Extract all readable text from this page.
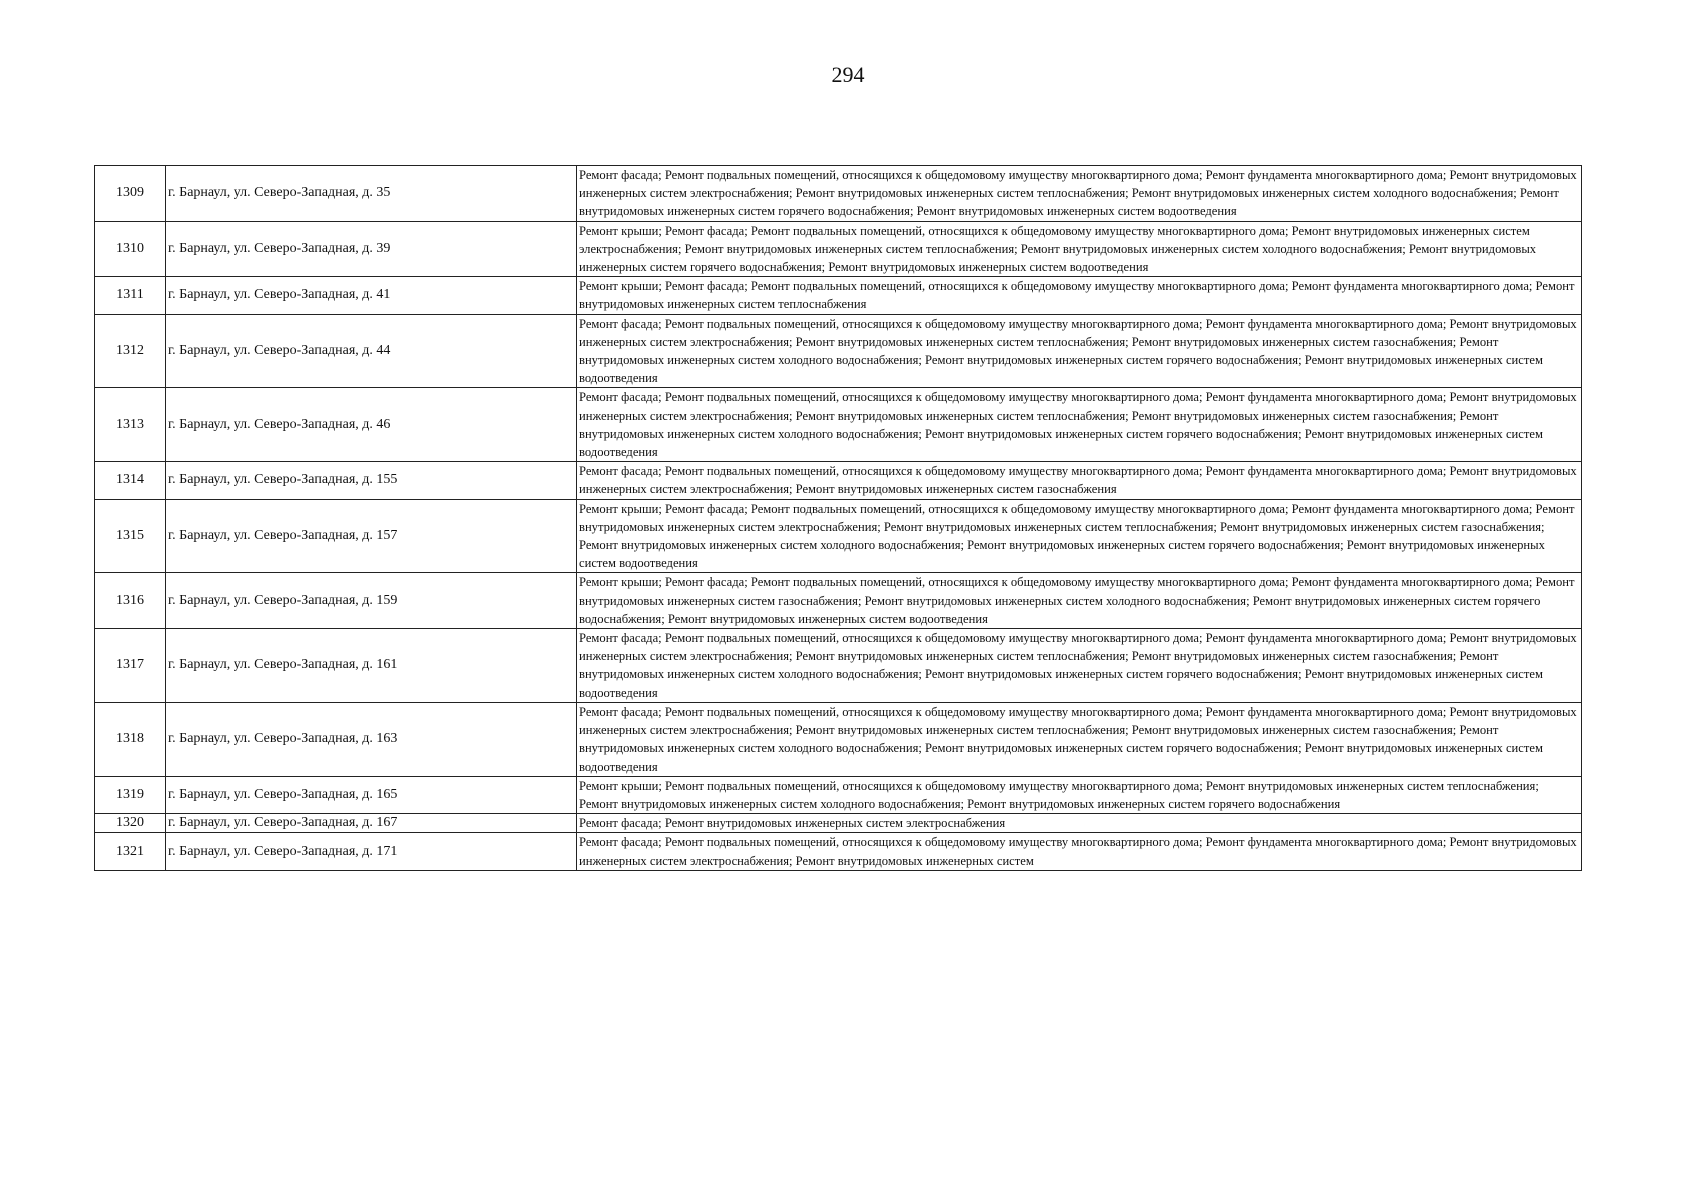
294
1309	г. Барнаул, ул. Северо-Западная, д. 35	Ремонт фасада; Ремонт подвальных помещений, относящихся к общедомовому имуществу многоквартирного дома; Ремонт фундамента многоквартирного дома; Ремонт внутридомовых инженерных систем электроснабжения; Ремонт внутридомовых инженерных систем теплоснабжения; Ремонт внутридомовых инженерных систем холодного водоснабжения; Ремонт внутридомовых инженерных систем горячего водоснабжения; Ремонт внутридомовых инженерных систем водоотведения
1310	г. Барнаул, ул. Северо-Западная, д. 39	Ремонт крыши; Ремонт фасада; Ремонт подвальных помещений, относящихся к общедомовому имуществу многоквартирного дома; Ремонт внутридомовых инженерных систем электроснабжения; Ремонт внутридомовых инженерных систем теплоснабжения; Ремонт внутридомовых инженерных систем холодного водоснабжения; Ремонт внутридомовых инженерных систем горячего водоснабжения; Ремонт внутридомовых инженерных систем водоотведения
1311	г. Барнаул, ул. Северо-Западная, д. 41	Ремонт крыши; Ремонт фасада; Ремонт подвальных помещений, относящихся к общедомовому имуществу многоквартирного дома; Ремонт фундамента многоквартирного дома; Ремонт внутридомовых инженерных систем теплоснабжения
1312	г. Барнаул, ул. Северо-Западная, д. 44	Ремонт фасада; Ремонт подвальных помещений, относящихся к общедомовому имуществу многоквартирного дома; Ремонт фундамента многоквартирного дома; Ремонт внутридомовых инженерных систем электроснабжения; Ремонт внутридомовых инженерных систем теплоснабжения; Ремонт внутридомовых инженерных систем газоснабжения; Ремонт внутридомовых инженерных систем холодного водоснабжения; Ремонт внутридомовых инженерных систем горячего водоснабжения; Ремонт внутридомовых инженерных систем водоотведения
1313	г. Барнаул, ул. Северо-Западная, д. 46	Ремонт фасада; Ремонт подвальных помещений, относящихся к общедомовому имуществу многоквартирного дома; Ремонт фундамента многоквартирного дома; Ремонт внутридомовых инженерных систем электроснабжения; Ремонт внутридомовых инженерных систем теплоснабжения; Ремонт внутридомовых инженерных систем газоснабжения; Ремонт внутридомовых инженерных систем холодного водоснабжения; Ремонт внутридомовых инженерных систем горячего водоснабжения; Ремонт внутридомовых инженерных систем водоотведения
1314	г. Барнаул, ул. Северо-Западная, д. 155	Ремонт фасада; Ремонт подвальных помещений, относящихся к общедомовому имуществу многоквартирного дома; Ремонт фундамента многоквартирного дома; Ремонт внутридомовых инженерных систем электроснабжения; Ремонт внутридомовых инженерных систем газоснабжения
1315	г. Барнаул, ул. Северо-Западная, д. 157	Ремонт крыши; Ремонт фасада; Ремонт подвальных помещений, относящихся к общедомовому имуществу многоквартирного дома; Ремонт фундамента многоквартирного дома; Ремонт внутридомовых инженерных систем электроснабжения; Ремонт внутридомовых инженерных систем теплоснабжения; Ремонт внутридомовых инженерных систем газоснабжения; Ремонт внутридомовых инженерных систем холодного водоснабжения; Ремонт внутридомовых инженерных систем горячего водоснабжения; Ремонт внутридомовых инженерных систем водоотведения
1316	г. Барнаул, ул. Северо-Западная, д. 159	Ремонт крыши; Ремонт фасада; Ремонт подвальных помещений, относящихся к общедомовому имуществу многоквартирного дома; Ремонт фундамента многоквартирного дома; Ремонт внутридомовых инженерных систем газоснабжения; Ремонт внутридомовых инженерных систем холодного водоснабжения; Ремонт внутридомовых инженерных систем горячего водоснабжения; Ремонт внутридомовых инженерных систем водоотведения
1317	г. Барнаул, ул. Северо-Западная, д. 161	Ремонт фасада; Ремонт подвальных помещений, относящихся к общедомовому имуществу многоквартирного дома; Ремонт фундамента многоквартирного дома; Ремонт внутридомовых инженерных систем электроснабжения; Ремонт внутридомовых инженерных систем теплоснабжения; Ремонт внутридомовых инженерных систем газоснабжения; Ремонт внутридомовых инженерных систем холодного водоснабжения; Ремонт внутридомовых инженерных систем горячего водоснабжения; Ремонт внутридомовых инженерных систем водоотведения
1318	г. Барнаул, ул. Северо-Западная, д. 163	Ремонт фасада; Ремонт подвальных помещений, относящихся к общедомовому имуществу многоквартирного дома; Ремонт фундамента многоквартирного дома; Ремонт внутридомовых инженерных систем электроснабжения; Ремонт внутридомовых инженерных систем теплоснабжения; Ремонт внутридомовых инженерных систем газоснабжения; Ремонт внутридомовых инженерных систем холодного водоснабжения; Ремонт внутридомовых инженерных систем горячего водоснабжения; Ремонт внутридомовых инженерных систем водоотведения
1319	г. Барнаул, ул. Северо-Западная, д. 165	Ремонт крыши; Ремонт подвальных помещений, относящихся к общедомовому имуществу многоквартирного дома; Ремонт внутридомовых инженерных систем теплоснабжения; Ремонт внутридомовых инженерных систем холодного водоснабжения; Ремонт внутридомовых инженерных систем горячего водоснабжения
1320	г. Барнаул, ул. Северо-Западная, д. 167	Ремонт фасада; Ремонт внутридомовых инженерных систем электроснабжения
1321	г. Барнаул, ул. Северо-Западная, д. 171	Ремонт фасада; Ремонт подвальных помещений, относящихся к общедомовому имуществу многоквартирного дома; Ремонт фундамента многоквартирного дома; Ремонт внутридомовых инженерных систем электроснабжения; Ремонт внутридомовых инженерных систем
